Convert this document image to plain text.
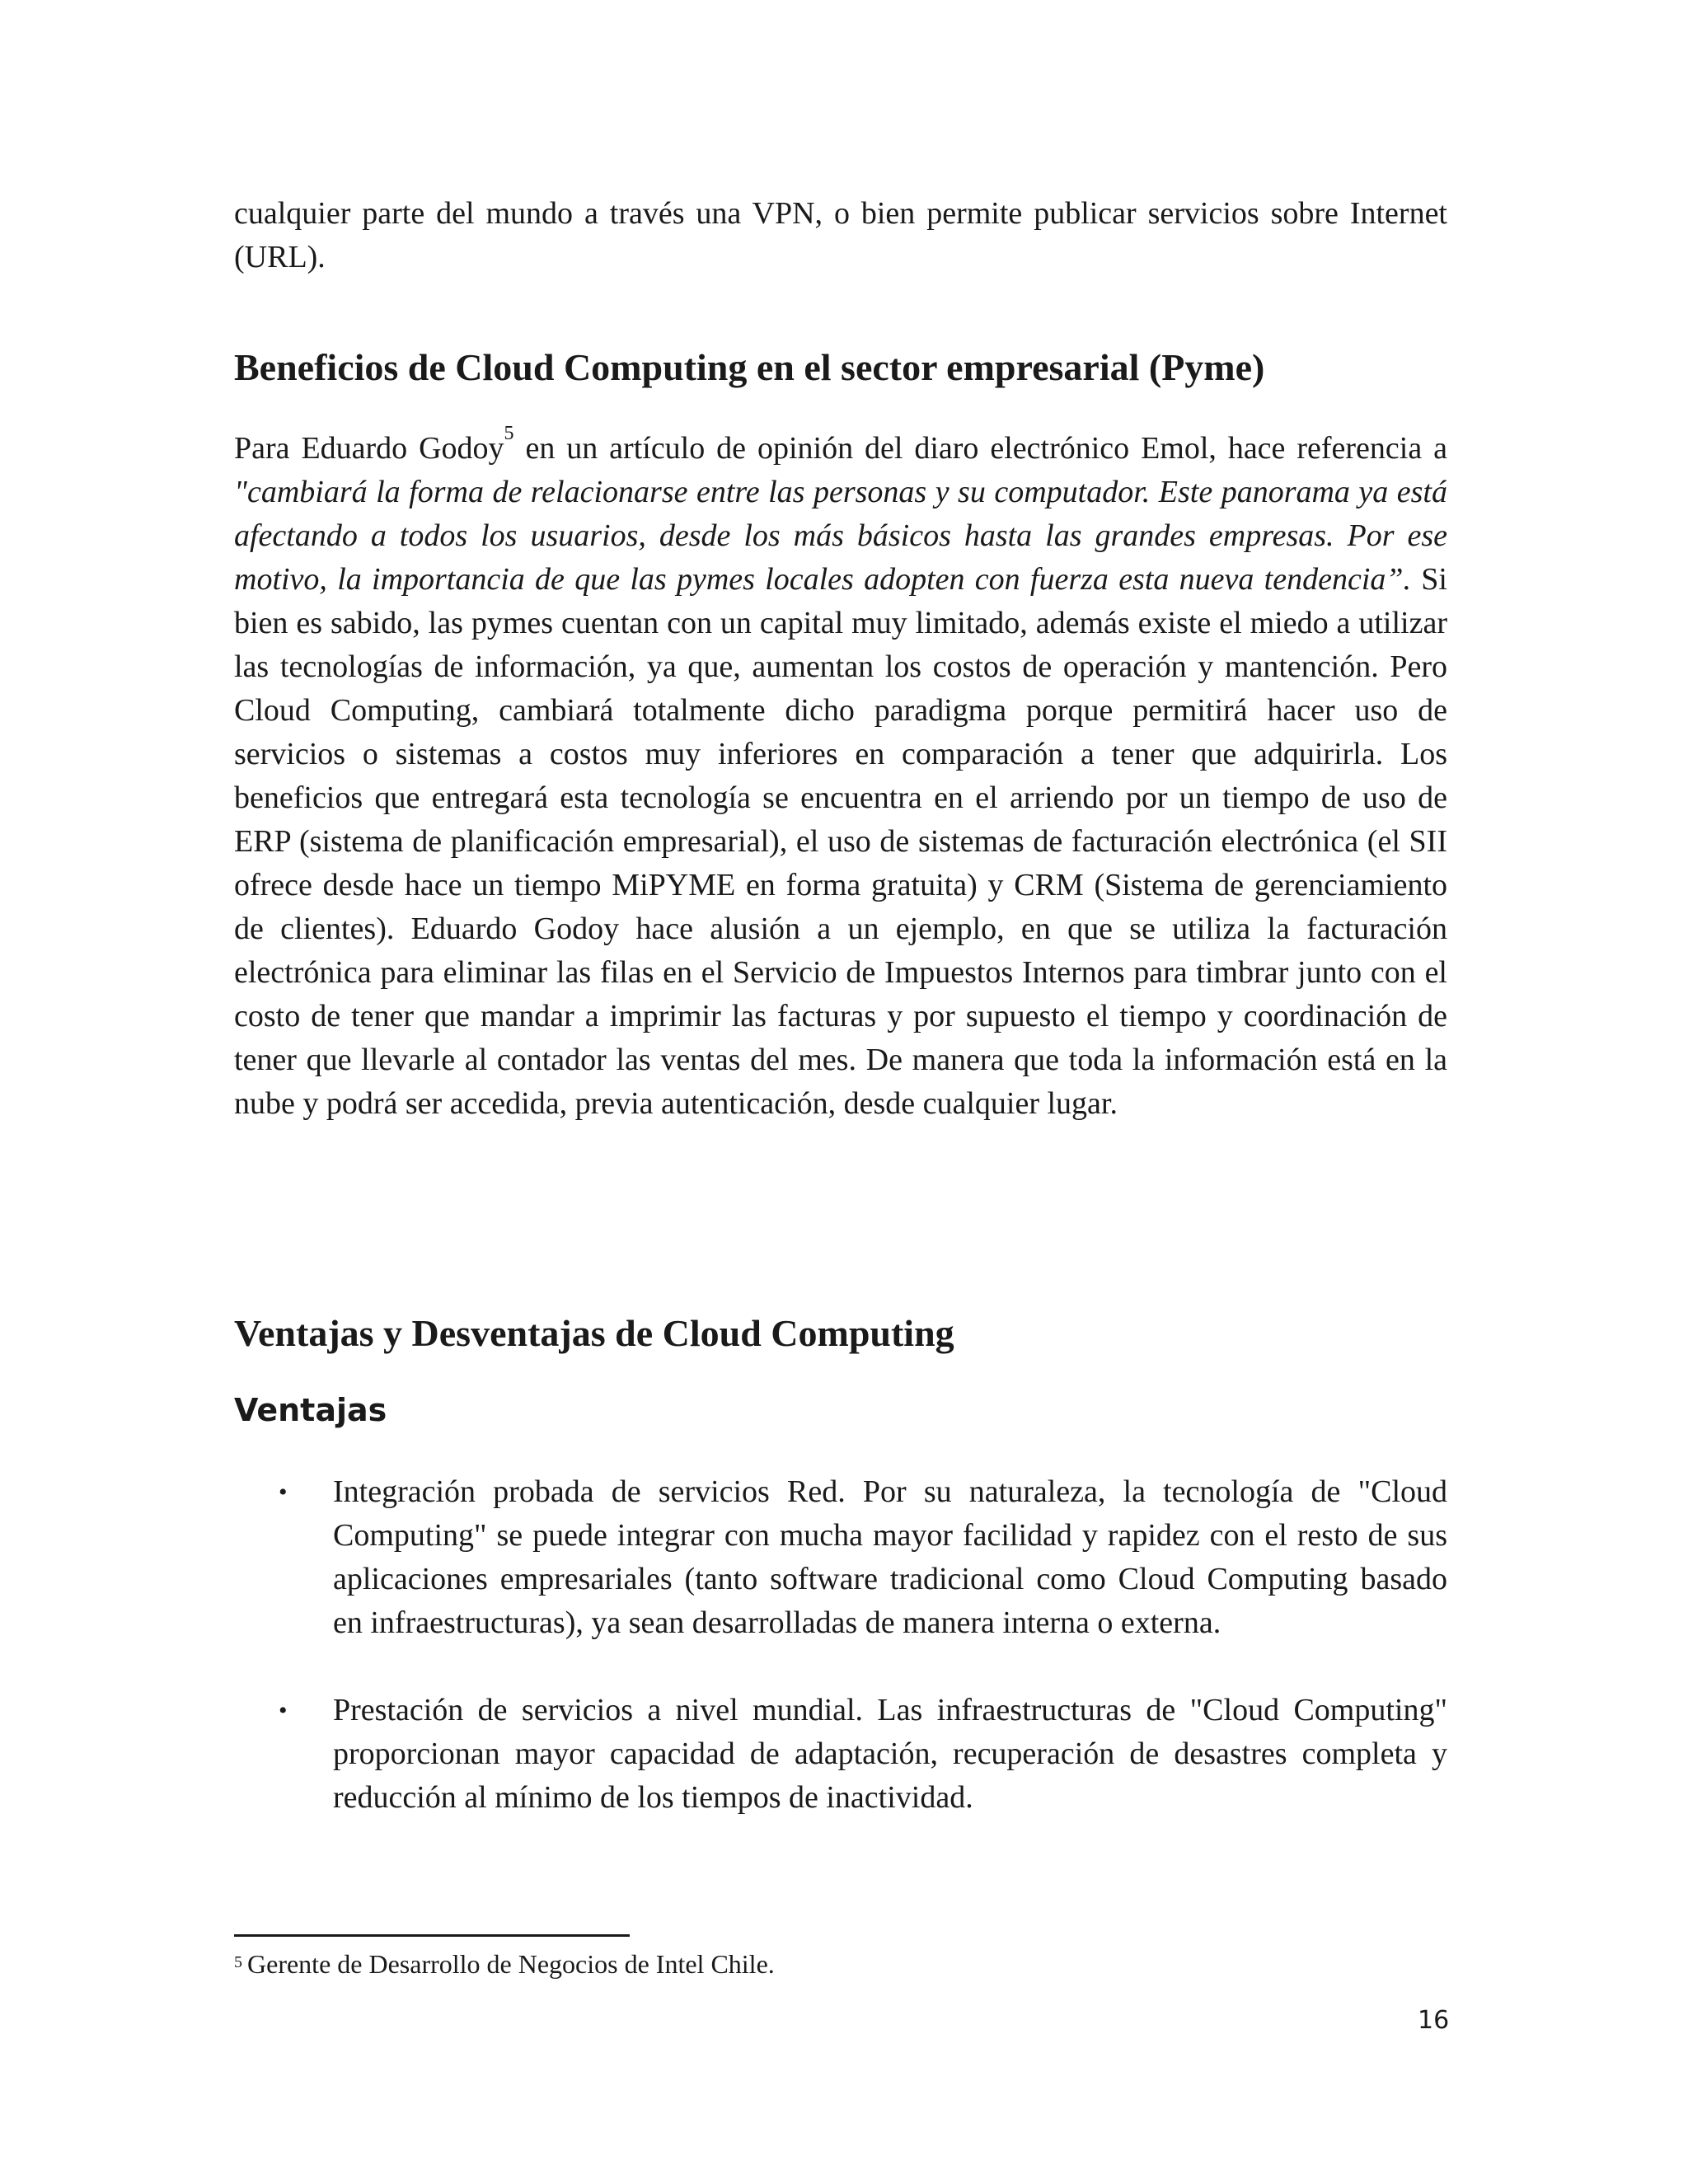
cualquier parte del mundo a través una VPN, o bien permite publicar servicios sobre Internet (URL).

Beneficios de Cloud Computing en el sector empresarial (Pyme)

Para Eduardo Godoy$^5$ en un artículo de opinión del diaro electrónico Emol, hace referencia a "cambiará la forma de relacionarse entre las personas y su computador. Este panorama ya está afectando a todos los usuarios, desde los más básicos hasta las grandes empresas. Por ese motivo, la importancia de que las pymes locales adopten con fuerza esta nueva tendencia”. Si bien es sabido, las pymes cuentan con un capital muy limitado, además existe el miedo a utilizar las tecnologías de información, ya que, aumentan los costos de operación y mantención. Pero Cloud Computing, cambiará totalmente dicho paradigma porque permitirá hacer uso de servicios o sistemas a costos muy inferiores en comparación a tener que adquirirla. Los beneficios que entregará esta tecnología se encuentra en el arriendo por un tiempo de uso de ERP (sistema de planificación empresarial), el uso de sistemas de facturación electrónica (el SII ofrece desde hace un tiempo MiPYME en forma gratuita) y CRM (Sistema de gerenciamiento de clientes). Eduardo Godoy hace alusión a un ejemplo, en que se utiliza la facturación electrónica para eliminar las filas en el Servicio de Impuestos Internos para timbrar junto con el costo de tener que mandar a imprimir las facturas y por supuesto el tiempo y coordinación de tener que llevarle al contador las ventas del mes. De manera que toda la información está en la nube y podrá ser accedida, previa autenticación, desde cualquier lugar.

Ventajas y Desventajas de Cloud Computing
Ventajas
• Integración probada de servicios Red. Por su naturaleza, la tecnología de "Cloud Computing" se puede integrar con mucha mayor facilidad y rapidez con el resto de sus aplicaciones empresariales (tanto software tradicional como Cloud Computing basado en infraestructuras), ya sean desarrolladas de manera interna o externa.
• Prestación de servicios a nivel mundial. Las infraestructuras de "Cloud Computing" proporcionan mayor capacidad de adaptación, recuperación de desastres completa y reducción al mínimo de los tiempos de inactividad.
$^5$ Gerente de Desarrollo de Negocios de Intel Chile.
16
